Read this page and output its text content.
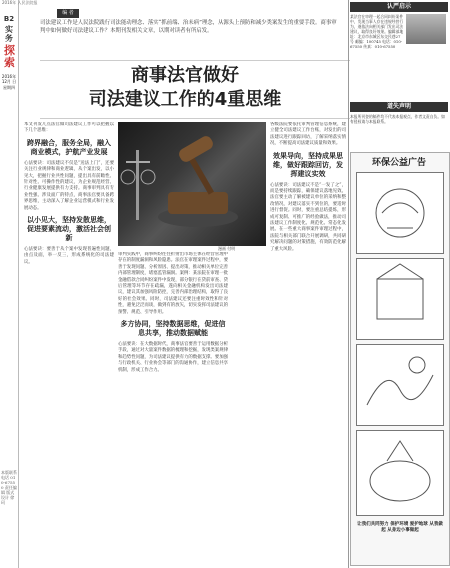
2016年 人民法院报
B2
实务
探索
2016年 12月 日
星期四
本版联系电话 010-67550 责任编辑 版式设计 徐珂
编 者
司法建议工作是人民法院践行司法能动理念、落实“抓前端、治未病”理念，从源头上预防和减少类案发生的重要手段。商事审判中如何做好司法建议工作？本期刊发相关文章，以期对读者有所启发。
商事法官做好
司法建议工作的4重思维
本文刊发几点法官做司法建议工作可以把握以下几个思维：
跨界融合，服务全局，融入商业模式，护航产业发展
心法要诀：司法建议不仅是“送法上门”，还要关注行业规律和商业逻辑，从个案出发，以小见大，把握行业共性问题，提出具有前瞻性、针对性、可操作性的建议，为企业规范经营、行业健康发展提供有力支持。商事审判具有专业性强、涉及面广的特点，商事法官要具备跨界思维，主动深入了解企业运营模式和行业发展动态。
以小见大，坚持发散思维，促进要素流动，激活社会创新
心法要诀：要善于从个案中发现普遍性问题，由点及面，举一反三，形成系统化的司法建议。
漫画 付明
审判实践中，商事纠纷往往折射出市场主体在经营管理中存在的制度漏洞和风险隐患。法官在审理案件过程中，要善于发现问题、分析原因、提出对策，推动相关单位完善内部管理制度，堵塞监管漏洞。案例：某法院在审理一批金融借款合同纠纷案件中发现，部分银行在贷前审查、贷后管理等环节存在疏漏，遂向相关金融机构发出司法建议，建议其加强风险防控，完善内部治理结构，取得了良好的社会效果。同时，司法建议还要注重时效性和针对性，避免泛泛而谈，做到有的放矢，切实发挥司法建议的预警、规范、引导作用。
多方协同，坚持数据思维，促进信息共享，推动数据赋能
心法要诀：在大数据时代，商事法官要善于运用数据分析手段，通过对大量案件数据的梳理和挖掘，发现类案规律和趋势性问题，为司法建议提供有力的数据支撑。要加强与行政机关、行业协会等部门的沟通协作，建立信息共享机制，形成工作合力。
各级法院要依托审判管理信息系统，建立健全司法建议工作台账，对发出的司法建议进行跟踪回访，了解采纳落实情况，不断提高司法建议质量和效果。
效果导向，坚持成果思维，做好跟踪回访，发挥建议实效
心法要诀：司法建议不是“一发了之”，而是要持续跟踪，确保建议落地见效。法官要主动了解被建议单位的采纳和整改情况，对建议落实不到位的，要适时进行督促。同时，要注重总结提炼，形成可复制、可推广的经验做法，推动司法建议工作制度化、规范化、常态化发展。在一些重大商事案件审理过程中，法院与相关部门联合开展调研，共同研究解决问题的对策措施，有效防范化解了重大风险。
认严启示
某法官在审理一起合同纠纷案件中，发现当事人存在违规经营行为，遂依法向相关部门发出司法建议，取得良好效果。编辑部地址：北京市东城区东交民巷27号 邮编：100745 电话：010-67550 传真：010-67550
道失声明
本报所刊登的稿件均不代表本报观点，作者文责自负。如有侵权请与本报联系。
环保公益广告
让我们共同努力 保护环境 爱护地球 从我做起 从身边小事做起
